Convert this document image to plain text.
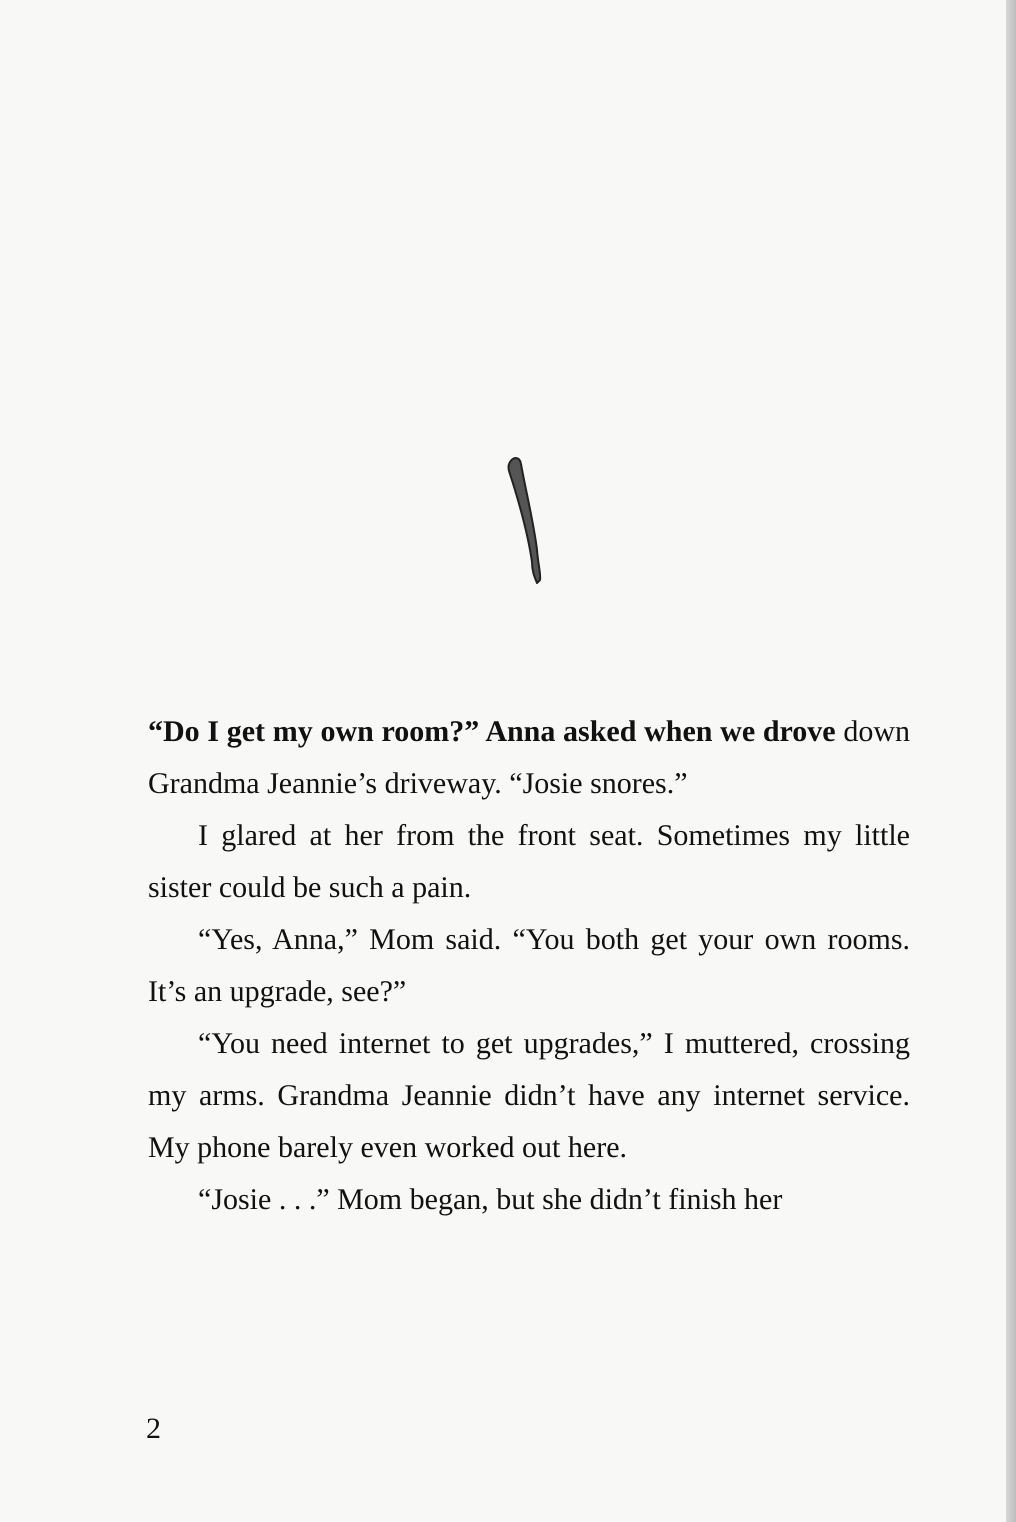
“Do I get my own room?” Anna asked when we drove down Grandma Jeannie’s driveway. “Josie snores.”

I glared at her from the front seat. Sometimes my little sister could be such a pain.

“Yes, Anna,” Mom said. “You both get your own rooms. It’s an upgrade, see?”

“You need internet to get upgrades,” I muttered, crossing my arms. Grandma Jeannie didn’t have any internet service. My phone barely even worked out here.

“Josie . . .” Mom began, but she didn’t finish her

2
